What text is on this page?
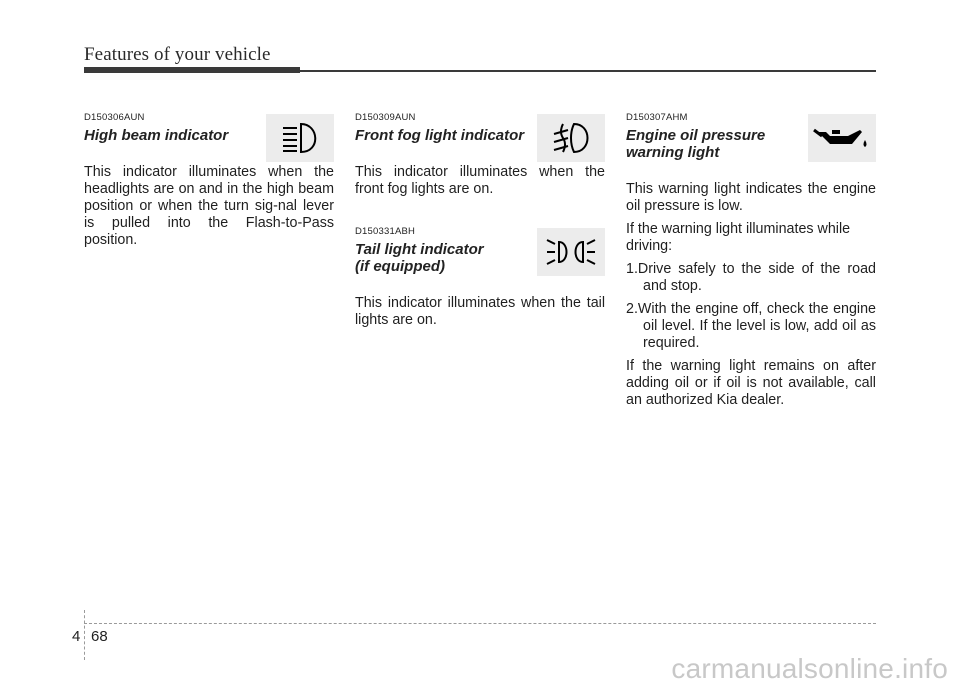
Features of your vehicle
D150306AUN
High beam indicator

This indicator illuminates when the headlights are on and in the high beam position or when the turn sig-nal lever is pulled into the Flash-to-Pass position.

D150309AUN
Front fog light indicator

This indicator illuminates when the front fog lights are on.

D150331ABH
Tail light indicator
(if equipped)

This indicator illuminates when the tail lights are on.

D150307AHM
Engine oil pressure
warning light

This warning light indicates the engine oil pressure is low.

If the warning light illuminates while driving:

1.Drive safely to the side of the road and stop.

2.With the engine off, check the engine oil level. If the level is low, add oil as required.

If the warning light remains on after adding oil or if oil is not available, call an authorized Kia dealer.

4 68
carmanualsonline.info
